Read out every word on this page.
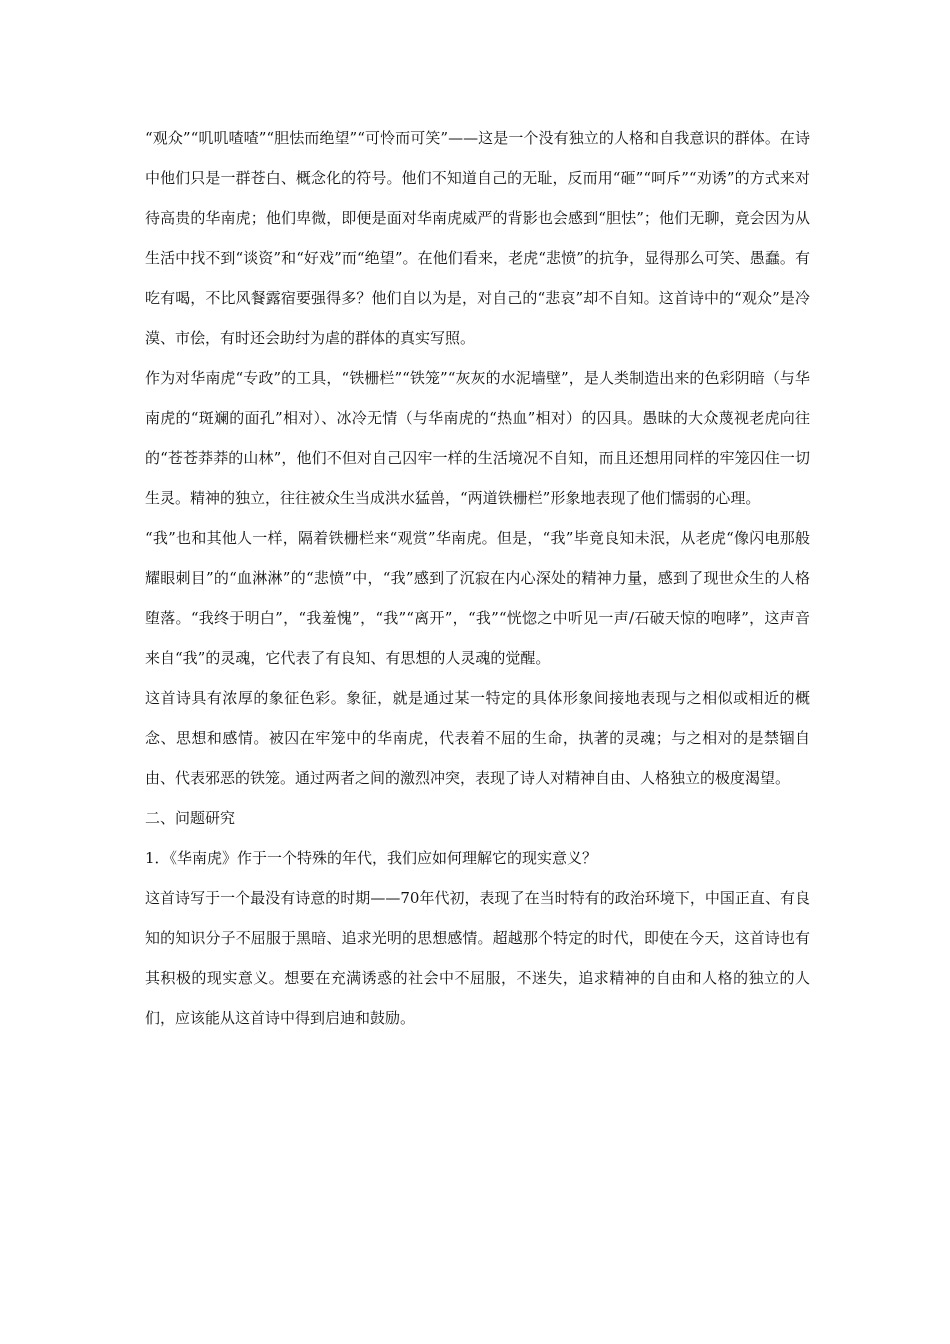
“观众”“叽叽喳喳”“胆怯而绝望”“可怜而可笑”——这是一个没有独立的人格和自我意识的群体。在诗中他们只是一群苍白、概念化的符号。他们不知道自己的无耻，反而用“砸”“呵斥”“劝诱”的方式来对待高贵的华南虎；他们卑微，即便是面对华南虎威严的背影也会感到“胆怯”；他们无聊，竟会因为从生活中找不到“谈资”和“好戏”而“绝望”。在他们看来，老虎“悲愤”的抗争，显得那么可笑、愚蠢。有吃有喝，不比风餐露宿要强得多？他们自以为是，对自己的“悲哀”却不自知。这首诗中的“观众”是冷漠、市侩，有时还会助纣为虐的群体的真实写照。

作为对华南虎“专政”的工具，“铁栅栏”“铁笼”“灰灰的水泥墙壁”，是人类制造出来的色彩阴暗（与华南虎的“斑斓的面孔”相对）、冰冷无情（与华南虎的“热血”相对）的囚具。愚昧的大众蔑视老虎向往的“苍苍莽莽的山林”，他们不但对自己囚牢一样的生活境况不自知，而且还想用同样的牢笼囚住一切生灵。精神的独立，往往被众生当成洪水猛兽，“两道铁栅栏”形象地表现了他们懦弱的心理。

“我”也和其他人一样，隔着铁栅栏来“观赏”华南虎。但是，“我”毕竟良知未泯，从老虎“像闪电那般耀眼刺目”的“血淋淋”的“悲愤”中，“我”感到了沉寂在内心深处的精神力量，感到了现世众生的人格堕落。“我终于明白”，“我羞愧”，“我”“离开”，“我”“恍惚之中听见一声/石破天惊的咆哮”，这声音来自“我”的灵魂，它代表了有良知、有思想的人灵魂的觉醒。

这首诗具有浓厚的象征色彩。象征，就是通过某一特定的具体形象间接地表现与之相似或相近的概念、思想和感情。被囚在牢笼中的华南虎，代表着不屈的生命，执著的灵魂；与之相对的是禁锢自由、代表邪恶的铁笼。通过两者之间的激烈冲突，表现了诗人对精神自由、人格独立的极度渴望。

二、问题研究

1．《华南虎》作于一个特殊的年代，我们应如何理解它的现实意义？

这首诗写于一个最没有诗意的时期——70年代初，表现了在当时特有的政治环境下，中国正直、有良知的知识分子不屈服于黑暗、追求光明的思想感情。超越那个特定的时代，即使在今天，这首诗也有其积极的现实意义。想要在充满诱惑的社会中不屈服，不迷失，追求精神的自由和人格的独立的人们，应该能从这首诗中得到启迪和鼓励。
